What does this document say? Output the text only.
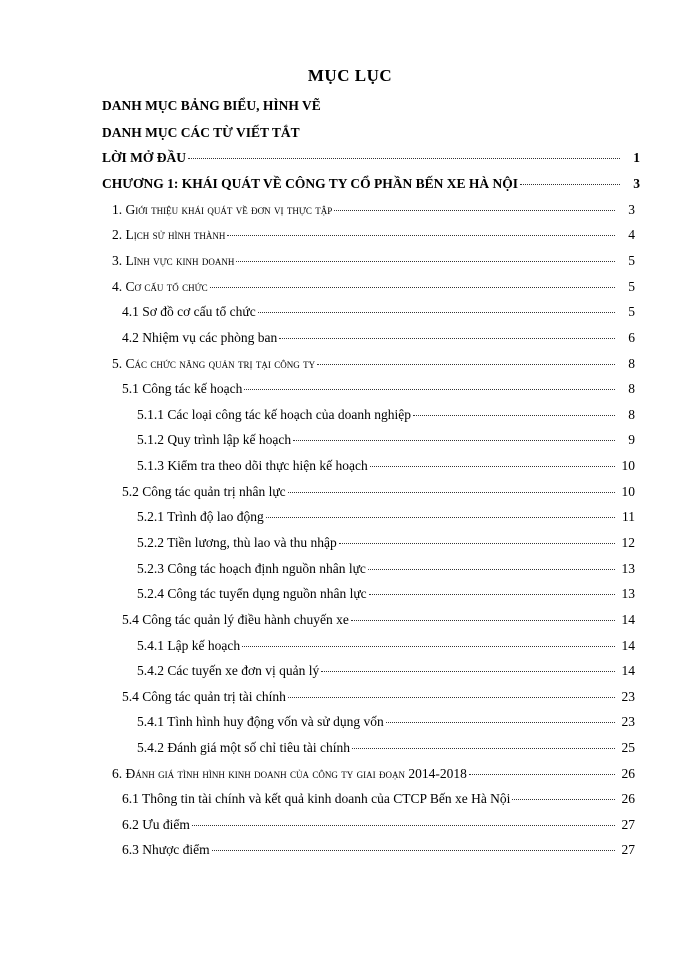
MỤC LỤC
DANH MỤC BẢNG BIỂU, HÌNH VẼ
DANH MỤC CÁC TỪ VIẾT TẮT
LỜI MỞ ĐẦU	1
CHƯƠNG 1: KHÁI QUÁT VỀ CÔNG TY CỔ PHẦN BẾN XE HÀ NỘI	3
1. Giới thiệu khái quát về đơn vị thực tập	3
2. Lịch sử hình thành	4
3. Lĩnh vực kinh doanh	5
4. Cơ cấu tổ chức	5
4.1 Sơ đồ cơ cấu tổ chức	5
4.2 Nhiệm vụ các phòng ban	6
5. Các chức năng quản trị tại công ty	8
5.1 Công tác kế hoạch	8
5.1.1 Các loại công tác kế hoạch của doanh nghiệp	8
5.1.2 Quy trình lập kế hoạch	9
5.1.3 Kiểm tra theo dõi thực hiện kế hoạch	10
5.2 Công tác quản trị nhân lực	10
5.2.1 Trình độ lao động	11
5.2.2 Tiền lương, thù lao và thu nhập	12
5.2.3 Công tác hoạch định nguồn nhân lực	13
5.2.4 Công tác tuyển dụng nguồn nhân lực	13
5.4 Công tác quản lý điều hành chuyến xe	14
5.4.1 Lập kế hoạch	14
5.4.2 Các tuyến xe đơn vị quản lý	14
5.4 Công tác quản trị tài chính	23
5.4.1 Tình hình huy động vốn và sử dụng vốn	23
5.4.2 Đánh giá một số chỉ tiêu tài chính	25
6. Đánh giá tình hình kinh doanh của công ty giai đoạn 2014-2018	26
6.1 Thông tin tài chính và kết quả kinh doanh của CTCP Bến xe Hà Nội	26
6.2 Ưu điểm	27
6.3 Nhược điểm	27
